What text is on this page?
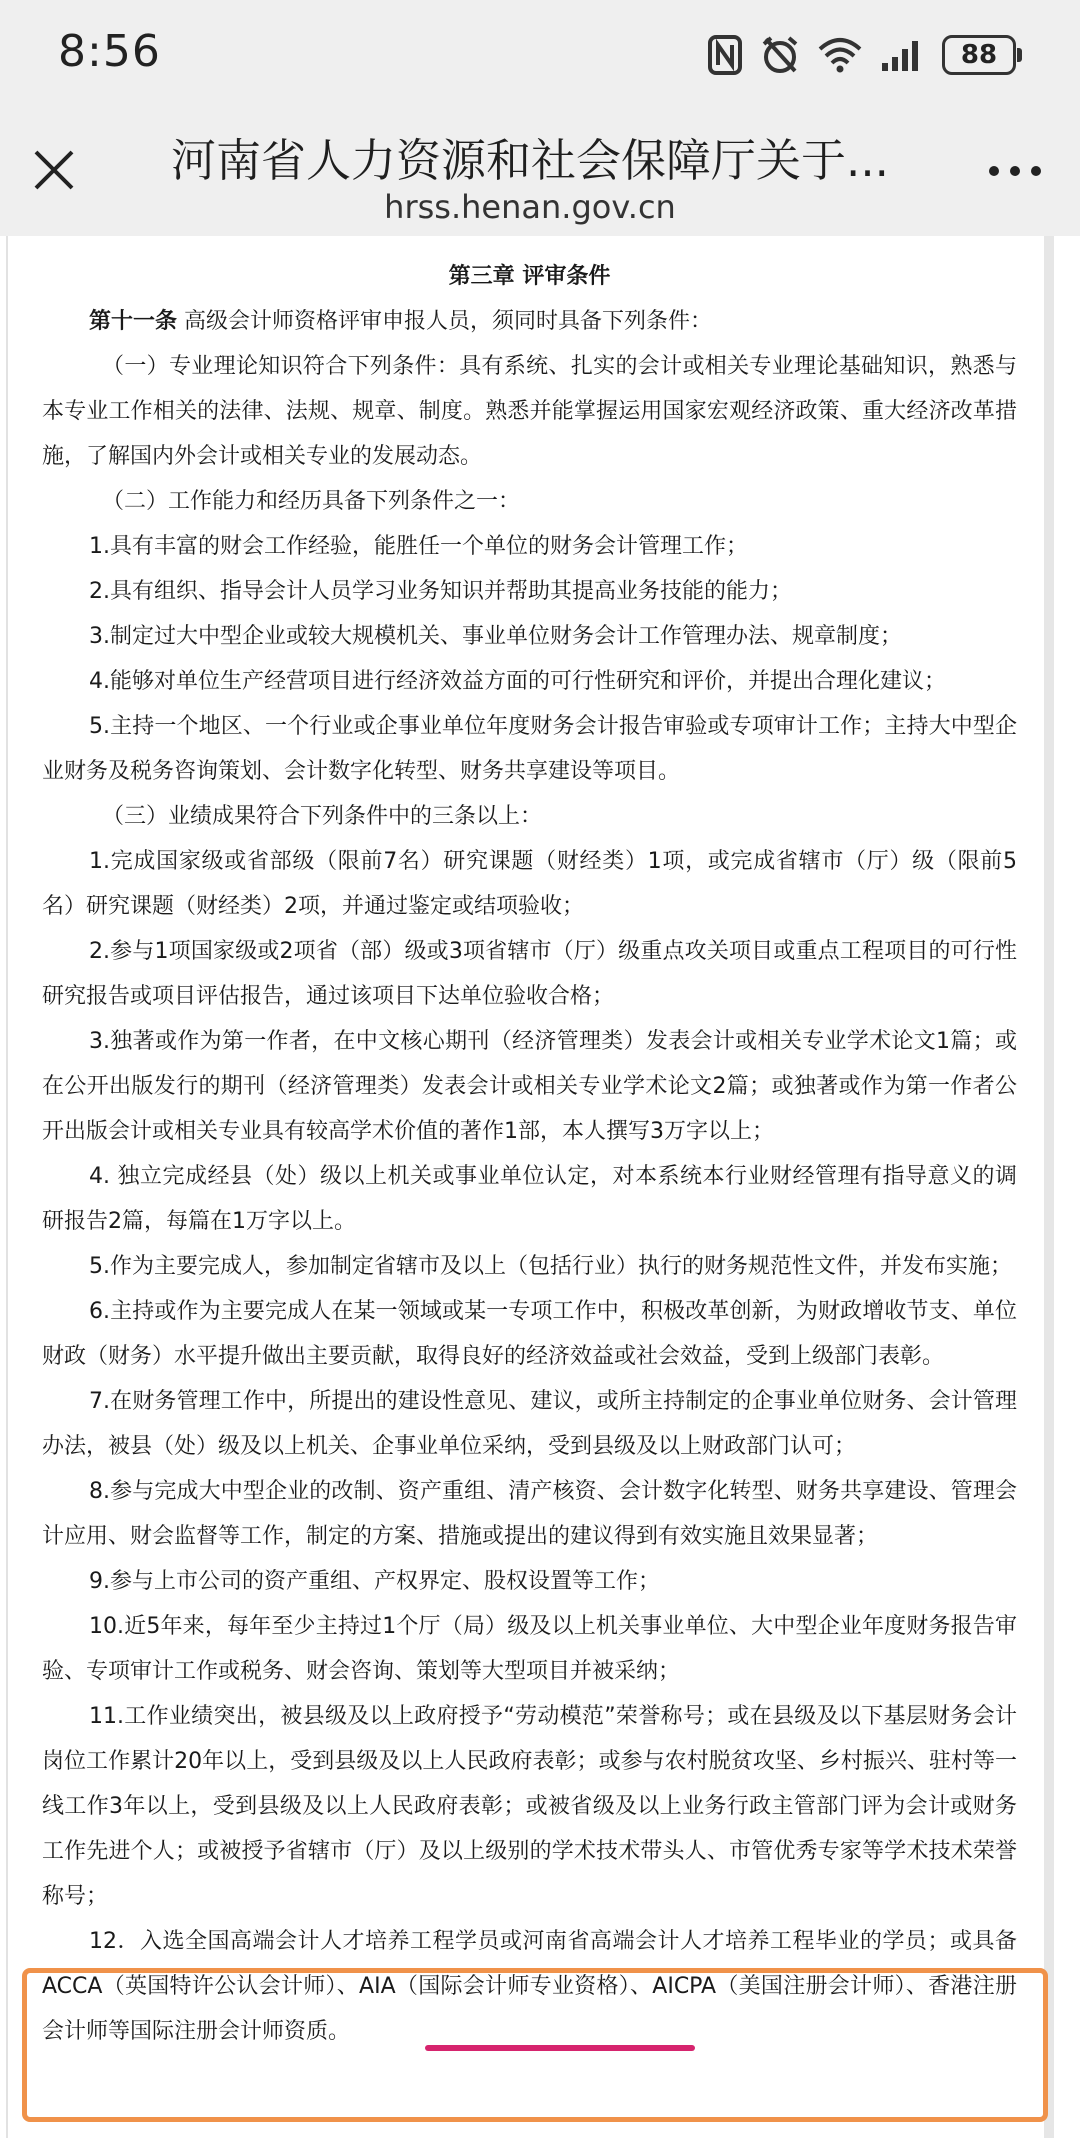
8:56	88
河南省人力资源和社会保障厅关于...
hrss.henan.gov.cn

第三章 评审条件

第十一条 高级会计师资格评审申报人员，须同时具备下列条件：

（一）专业理论知识符合下列条件：具有系统、扎实的会计或相关专业理论基础知识，熟悉与本专业工作相关的法律、法规、规章、制度。熟悉并能掌握运用国家宏观经济政策、重大经济改革措施，了解国内外会计或相关专业的发展动态。

（二）工作能力和经历具备下列条件之一：

1.具有丰富的财会工作经验，能胜任一个单位的财务会计管理工作；

2.具有组织、指导会计人员学习业务知识并帮助其提高业务技能的能力；

3.制定过大中型企业或较大规模机关、事业单位财务会计工作管理办法、规章制度；

4.能够对单位生产经营项目进行经济效益方面的可行性研究和评价，并提出合理化建议；

5.主持一个地区、一个行业或企事业单位年度财务会计报告审验或专项审计工作；主持大中型企业财务及税务咨询策划、会计数字化转型、财务共享建设等项目。

（三）业绩成果符合下列条件中的三条以上：

1.完成国家级或省部级（限前7名）研究课题（财经类）1项，或完成省辖市（厅）级（限前5名）研究课题（财经类）2项，并通过鉴定或结项验收；

2.参与1项国家级或2项省（部）级或3项省辖市（厅）级重点攻关项目或重点工程项目的可行性研究报告或项目评估报告，通过该项目下达单位验收合格；

3.独著或作为第一作者，在中文核心期刊（经济管理类）发表会计或相关专业学术论文1篇；或在公开出版发行的期刊（经济管理类）发表会计或相关专业学术论文2篇；或独著或作为第一作者公开出版会计或相关专业具有较高学术价值的著作1部，本人撰写3万字以上；

4. 独立完成经县（处）级以上机关或事业单位认定，对本系统本行业财经管理有指导意义的调研报告2篇，每篇在1万字以上。

5.作为主要完成人，参加制定省辖市及以上（包括行业）执行的财务规范性文件，并发布实施；

6.主持或作为主要完成人在某一领域或某一专项工作中，积极改革创新，为财政增收节支、单位财政（财务）水平提升做出主要贡献，取得良好的经济效益或社会效益，受到上级部门表彰。

7.在财务管理工作中，所提出的建设性意见、建议，或所主持制定的企事业单位财务、会计管理办法，被县（处）级及以上机关、企事业单位采纳，受到县级及以上财政部门认可；

8.参与完成大中型企业的改制、资产重组、清产核资、会计数字化转型、财务共享建设、管理会计应用、财会监督等工作，制定的方案、措施或提出的建议得到有效实施且效果显著；

9.参与上市公司的资产重组、产权界定、股权设置等工作；

10.近5年来，每年至少主持过1个厅（局）级及以上机关事业单位、大中型企业年度财务报告审验、专项审计工作或税务、财会咨询、策划等大型项目并被采纳；

11.工作业绩突出，被县级及以上政府授予“劳动模范”荣誉称号；或在县级及以下基层财务会计岗位工作累计20年以上，受到县级及以上人民政府表彰；或参与农村脱贫攻坚、乡村振兴、驻村等一线工作3年以上，受到县级及以上人民政府表彰；或被省级及以上业务行政主管部门评为会计或财务工作先进个人；或被授予省辖市（厅）及以上级别的学术技术带头人、市管优秀专家等学术技术荣誉称号；

12．入选全国高端会计人才培养工程学员或河南省高端会计人才培养工程毕业的学员；或具备ACCA（英国特许公认会计师）、AIA（国际会计师专业资格）、AICPA（美国注册会计师）、香港注册会计师等国际注册会计师资质。
